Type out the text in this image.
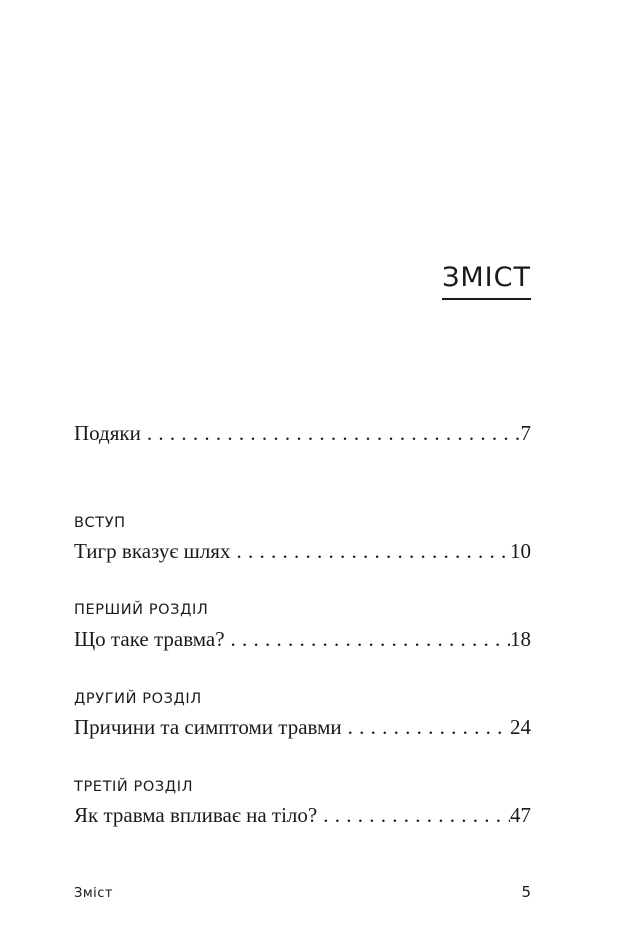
ЗМІСТ
Подяки . . .	7
ВСТУП
Тигр вказує шлях . . .	10
ПЕРШИЙ РОЗДІЛ
Що таке травма? . . .	18
ДРУГИЙ РОЗДІЛ
Причини та симптоми травми . . .	24
ТРЕТІЙ РОЗДІЛ
Як травма впливає на тіло? . . .	47
Зміст	5
